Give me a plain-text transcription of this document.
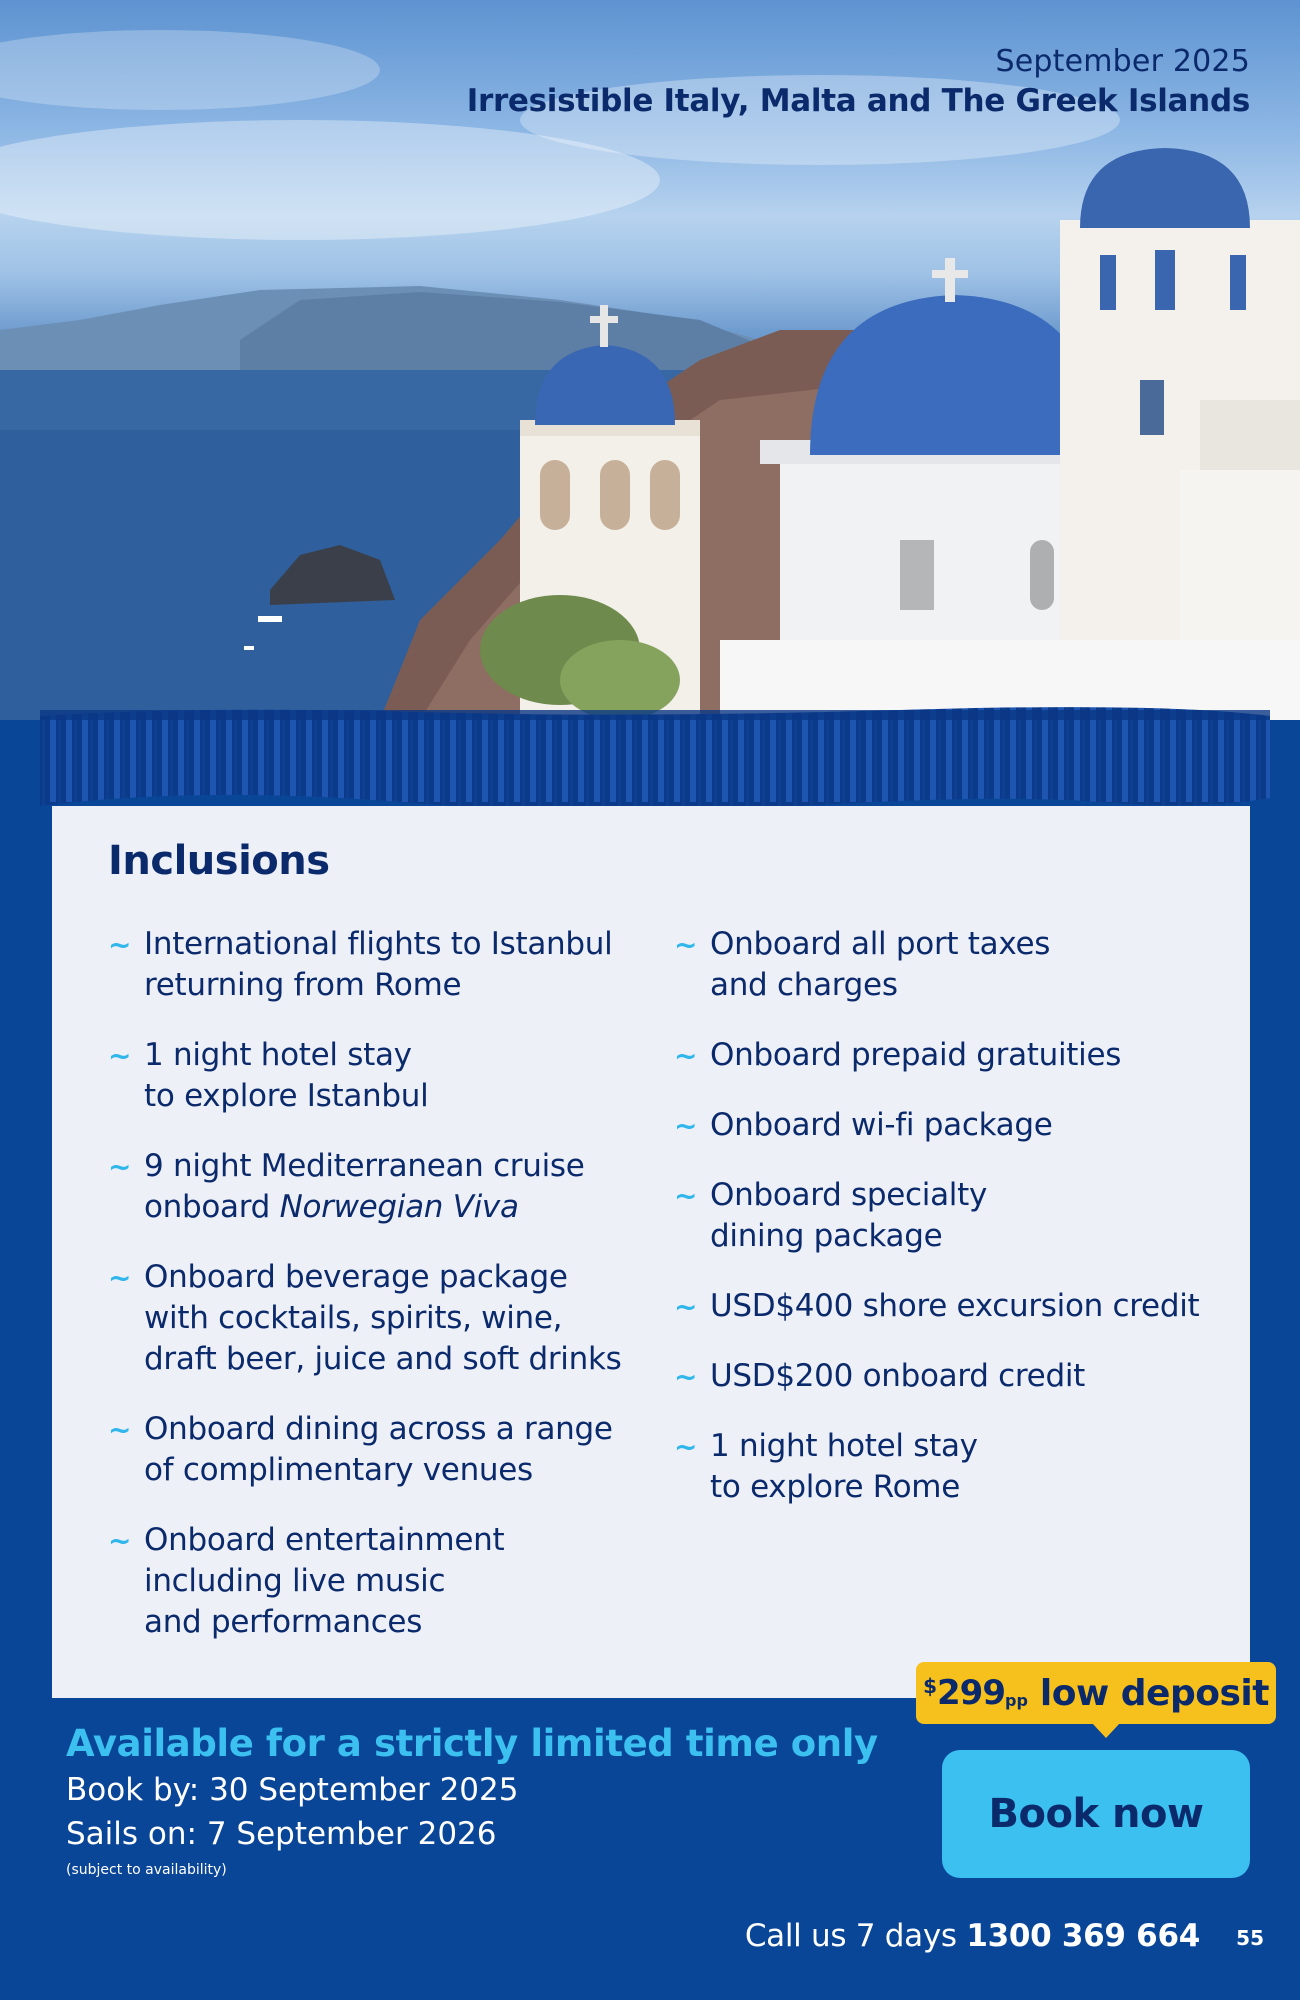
September 2025
Irresistible Italy, Malta and The Greek Islands
Inclusions
~ International flights to Istanbul
returning from Rome
~ 1 night hotel stay
to explore Istanbul
~ 9 night Mediterranean cruise
onboard Norwegian Viva
~ Onboard beverage package
with cocktails, spirits, wine,
draft beer, juice and soft drinks
~ Onboard dining across a range
of complimentary venues
~ Onboard entertainment
including live music
and performances
~ Onboard all port taxes
and charges
~ Onboard prepaid gratuities
~ Onboard wi-fi package
~ Onboard specialty
dining package
~ USD$400 shore excursion credit
~ USD$200 onboard credit
~ 1 night hotel stay
to explore Rome
$ 299 pp low deposit
Available for a strictly limited time only
Book by: 30 September 2025
Sails on: 7 September 2026
(subject to availability)
Book now
Call us 7 days 1300 369 664 55
